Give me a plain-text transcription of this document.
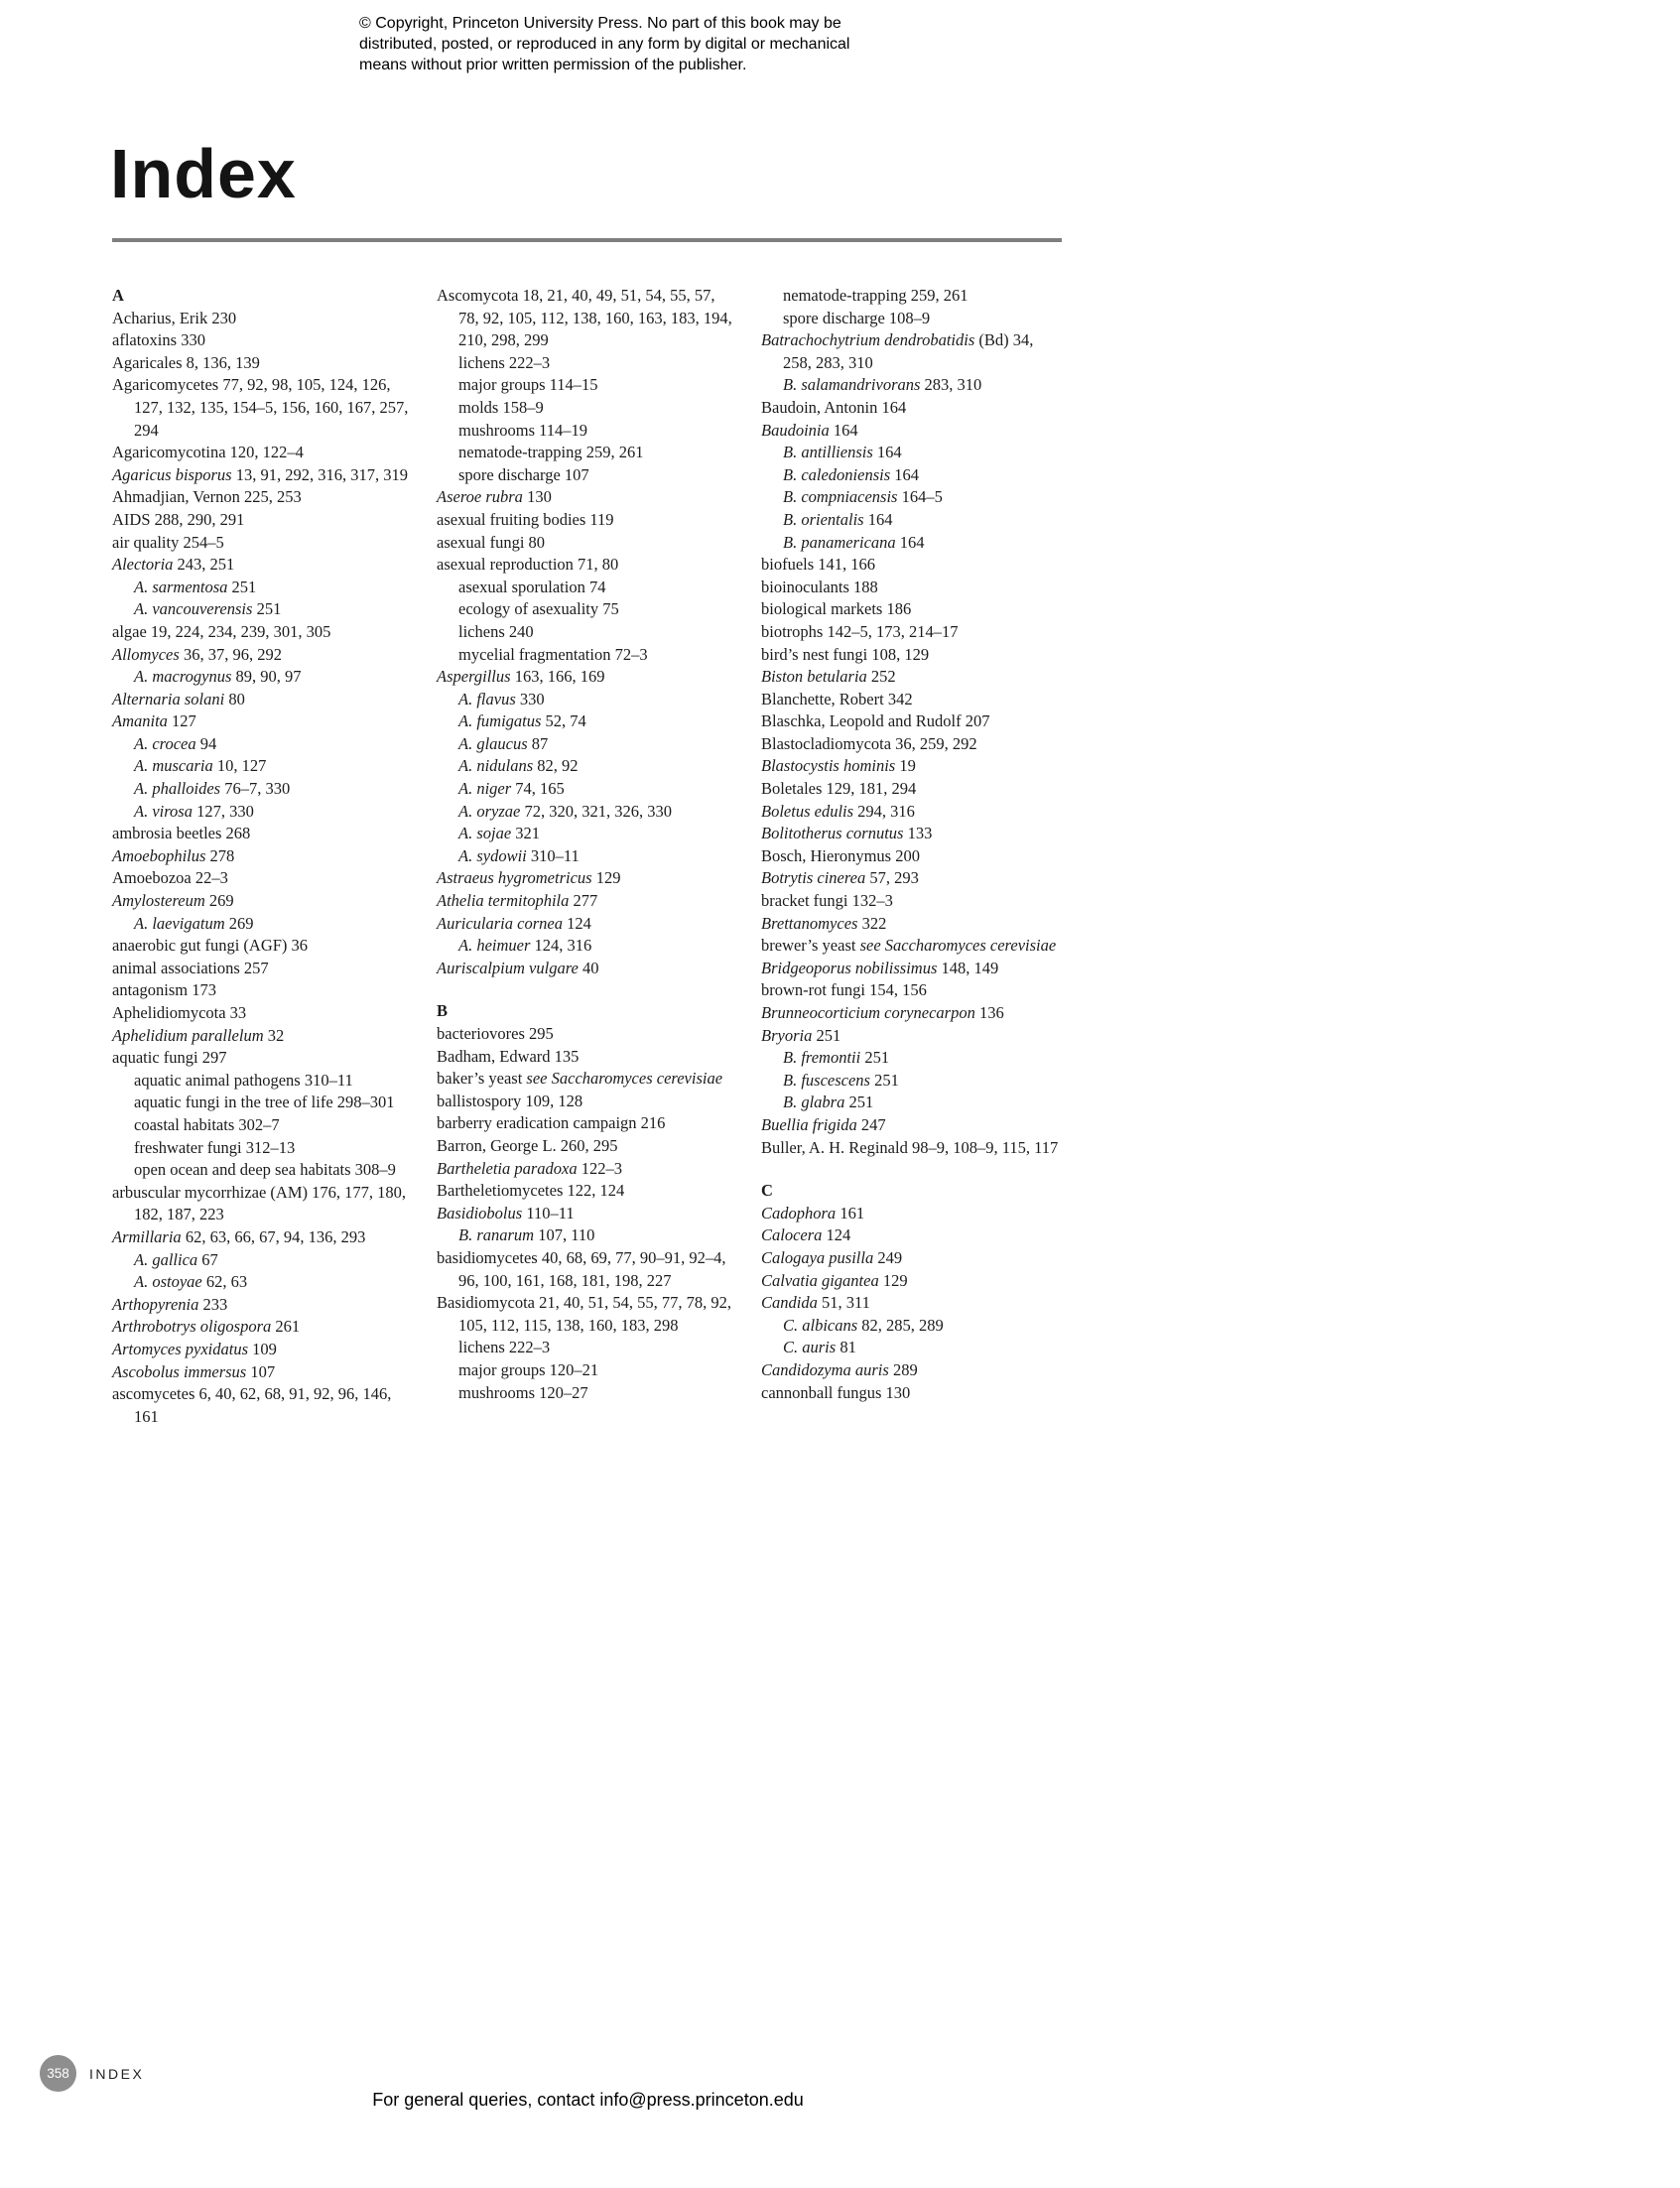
© Copyright, Princeton University Press. No part of this book may be distributed, posted, or reproduced in any form by digital or mechanical means without prior written permission of the publisher.
Index
A
Acharius, Erik 230
aflatoxins 330
Agaricales 8, 136, 139
Agaricomycetes 77, 92, 98, 105, 124, 126, 127, 132, 135, 154–5, 156, 160, 167, 257, 294
Agaricomycotina 120, 122–4
Agaricus bisporus 13, 91, 292, 316, 317, 319
Ahmadjian, Vernon 225, 253
AIDS 288, 290, 291
air quality 254–5
Alectoria 243, 251
A. sarmentosa 251
A. vancouverensis 251
algae 19, 224, 234, 239, 301, 305
Allomyces 36, 37, 96, 292
A. macrogynus 89, 90, 97
Alternaria solani 80
Amanita 127
A. crocea 94
A. muscaria 10, 127
A. phalloides 76–7, 330
A. virosa 127, 330
ambrosia beetles 268
Amoebophilus 278
Amoebozoa 22–3
Amylostereum 269
A. laevigatum 269
anaerobic gut fungi (AGF) 36
animal associations 257
antagonism 173
Aphelidiomycota 33
Aphelidium parallelum 32
aquatic fungi 297
aquatic animal pathogens 310–11
aquatic fungi in the tree of life 298–301
coastal habitats 302–7
freshwater fungi 312–13
open ocean and deep sea habitats 308–9
arbuscular mycorrhizae (AM) 176, 177, 180, 182, 187, 223
Armillaria 62, 63, 66, 67, 94, 136, 293
A. gallica 67
A. ostoyae 62, 63
Arthopyrenia 233
Arthrobotrys oligospora 261
Artomyces pyxidatus 109
Ascobolus immersus 107
ascomycetes 6, 40, 62, 68, 91, 92, 96, 146, 161
Ascomycota 18, 21, 40, 49, 51, 54, 55, 57, 78, 92, 105, 112, 138, 160, 163, 183, 194, 210, 298, 299
lichens 222–3
major groups 114–15
molds 158–9
mushrooms 114–19
nematode-trapping 259, 261
spore discharge 107
Aseroe rubra 130
asexual fruiting bodies 119
asexual fungi 80
asexual reproduction 71, 80
asexual sporulation 74
ecology of asexuality 75
lichens 240
mycelial fragmentation 72–3
Aspergillus 163, 166, 169
A. flavus 330
A. fumigatus 52, 74
A. glaucus 87
A. nidulans 82, 92
A. niger 74, 165
A. oryzae 72, 320, 321, 326, 330
A. sojae 321
A. sydowii 310–11
Astraeus hygrometricus 129
Athelia termitophila 277
Auricularia cornea 124
A. heimuer 124, 316
Auriscalpium vulgare 40
B
bacteriovores 295
Badham, Edward 135
baker’s yeast see Saccharomyces cerevisiae
ballistospory 109, 128
barberry eradication campaign 216
Barron, George L. 260, 295
Bartheletia paradoxa 122–3
Bartheletiomycetes 122, 124
Basidiobolus 110–11
B. ranarum 107, 110
basidiomycetes 40, 68, 69, 77, 90–91, 92–4, 96, 100, 161, 168, 181, 198, 227
Basidiomycota 21, 40, 51, 54, 55, 77, 78, 92, 105, 112, 115, 138, 160, 183, 298
lichens 222–3
major groups 120–21
mushrooms 120–27
nematode-trapping 259, 261
spore discharge 108–9
Batrachochytrium dendrobatidis (Bd) 34, 258, 283, 310
B. salamandrivorans 283, 310
Baudoin, Antonin 164
Baudoinia 164
B. antilliensis 164
B. caledoniensis 164
B. compniacensis 164–5
B. orientalis 164
B. panamericana 164
biofuels 141, 166
bioinoculants 188
biological markets 186
biotrophs 142–5, 173, 214–17
bird’s nest fungi 108, 129
Biston betularia 252
Blanchette, Robert 342
Blaschka, Leopold and Rudolf 207
Blastocladiomycota 36, 259, 292
Blastocystis hominis 19
Boletales 129, 181, 294
Boletus edulis 294, 316
Bolitotherus cornutus 133
Bosch, Hieronymus 200
Botrytis cinerea 57, 293
bracket fungi 132–3
Brettanomyces 322
brewer’s yeast see Saccharomyces cerevisiae
Bridgeoporus nobilissimus 148, 149
brown-rot fungi 154, 156
Brunneocorticium corynecarpon 136
Bryoria 251
B. fremontii 251
B. fuscescens 251
B. glabra 251
Buellia frigida 247
Buller, A. H. Reginald 98–9, 108–9, 115, 117
C
Cadophora 161
Calocera 124
Calogaya pusilla 249
Calvatia gigantea 129
Candida 51, 311
C. albicans 82, 285, 289
C. auris 81
Candidozyma auris 289
cannonball fungus 130
358	INDEX
For general queries, contact info@press.princeton.edu
